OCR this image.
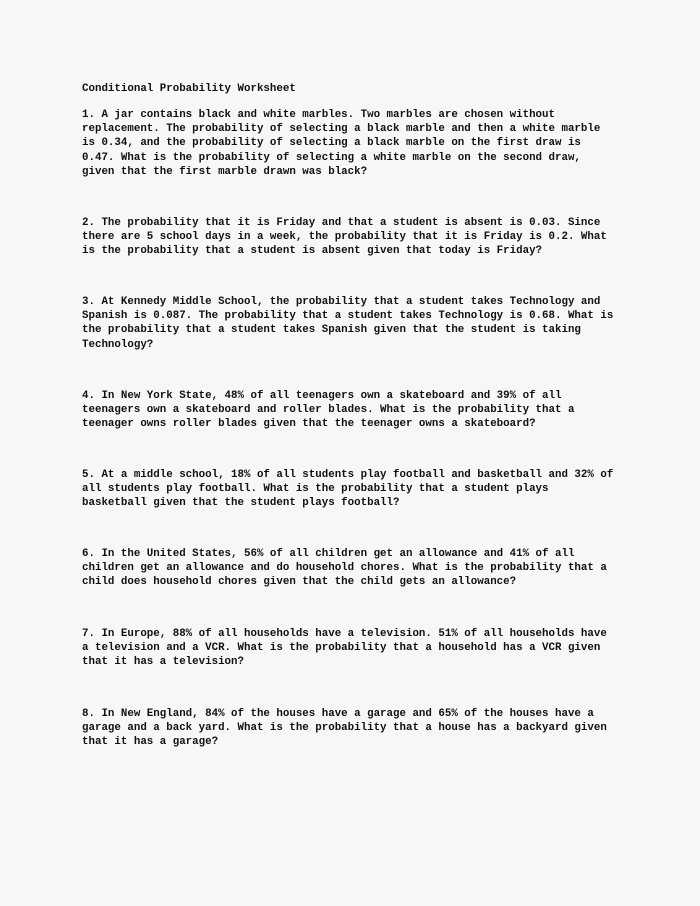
Conditional Probability Worksheet

1. A jar contains black and white marbles. Two marbles are chosen without
replacement. The probability of selecting a black marble and then a white marble
is 0.34, and the probability of selecting a black marble on the first draw is
0.47. What is the probability of selecting a white marble on the second draw,
given that the first marble drawn was black?

2. The probability that it is Friday and that a student is absent is 0.03. Since
there are 5 school days in a week, the probability that it is Friday is 0.2. What
is the probability that a student is absent given that today is Friday?

3. At Kennedy Middle School, the probability that a student takes Technology and
Spanish is 0.087. The probability that a student takes Technology is 0.68. What is
the probability that a student takes Spanish given that the student is taking
Technology?

4. In New York State, 48% of all teenagers own a skateboard and 39% of all
teenagers own a skateboard and roller blades. What is the probability that a
teenager owns roller blades given that the teenager owns a skateboard?

5. At a middle school, 18% of all students play football and basketball and 32% of
all students play football. What is the probability that a student plays
basketball given that the student plays football?

6. In the United States, 56% of all children get an allowance and 41% of all
children get an allowance and do household chores. What is the probability that a
child does household chores given that the child gets an allowance?

7. In Europe, 88% of all households have a television. 51% of all households have
a television and a VCR. What is the probability that a household has a VCR given
that it has a television?

8. In New England, 84% of the houses have a garage and 65% of the houses have a
garage and a back yard. What is the probability that a house has a backyard given
that it has a garage?
